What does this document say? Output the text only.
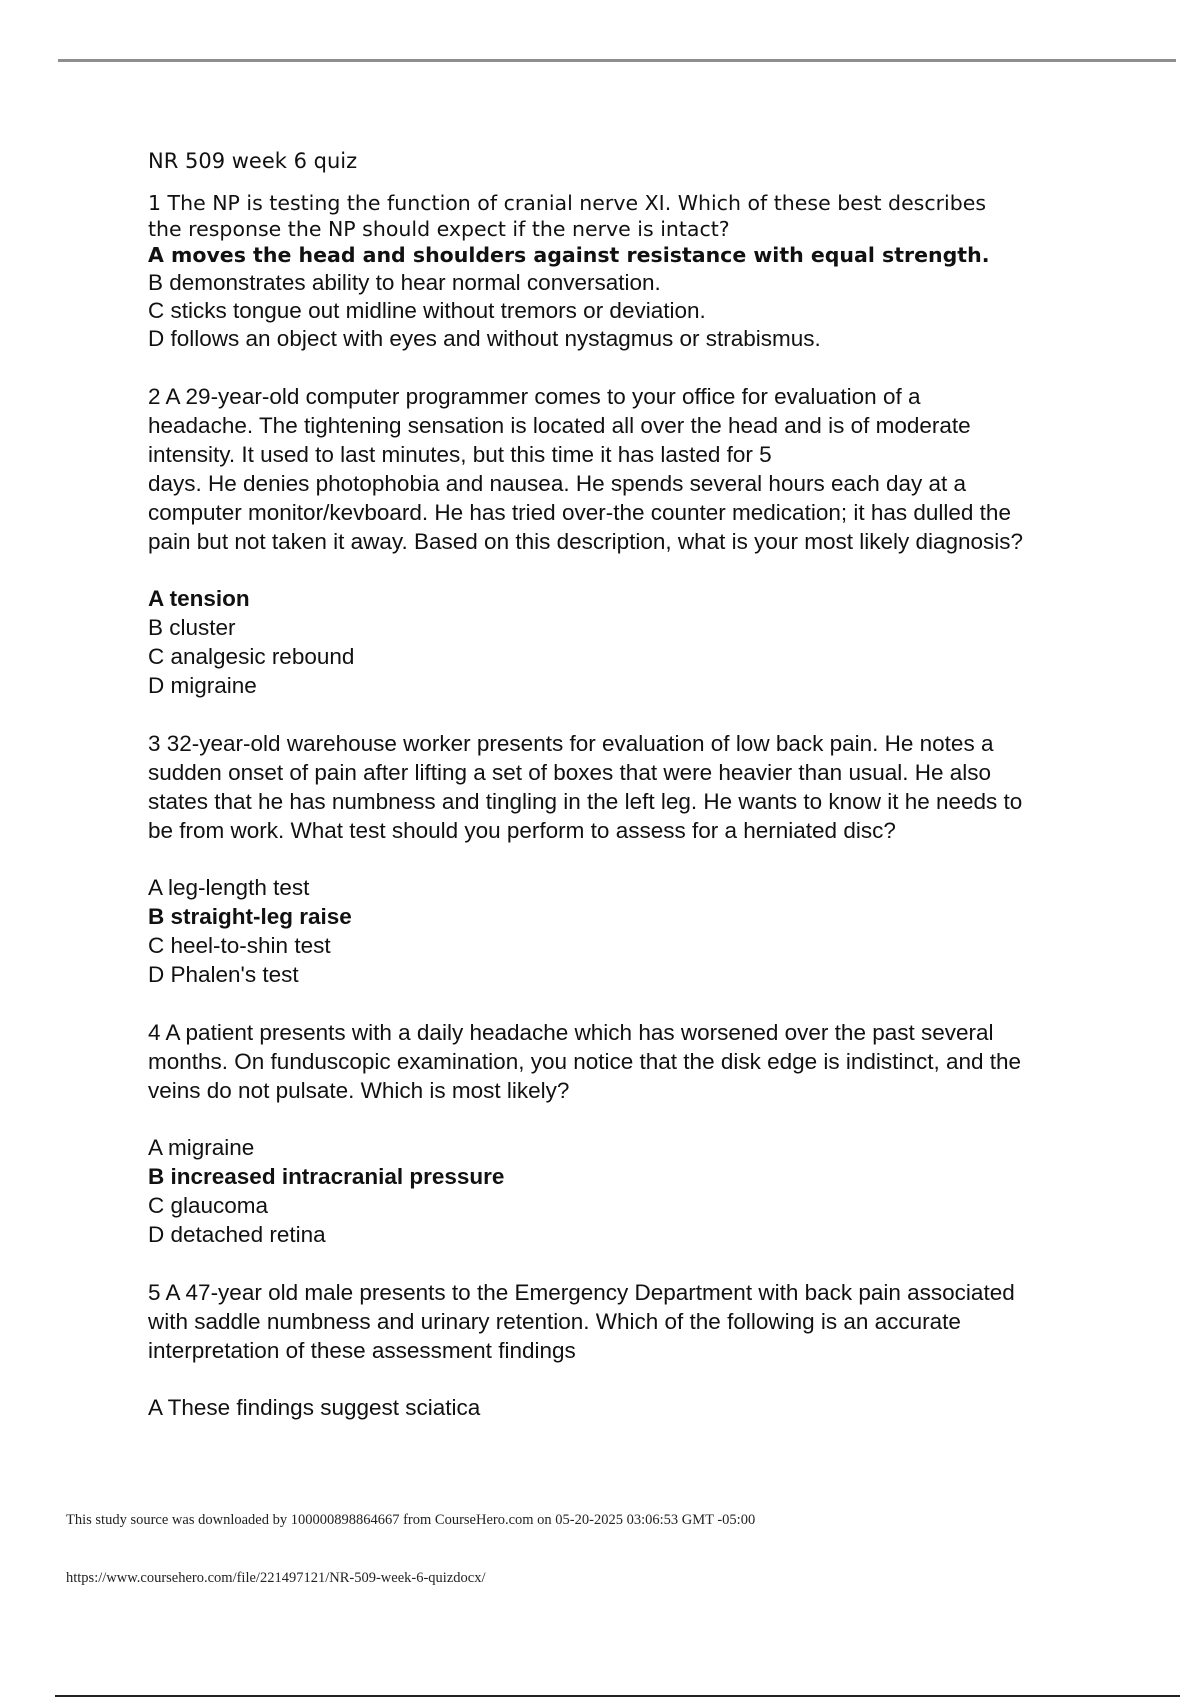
NR 509 week 6 quiz

1 The NP is testing the function of cranial nerve XI. Which of these best describes
the response the NP should expect if the nerve is intact?

A moves the head and shoulders against resistance with equal strength.

B demonstrates ability to hear normal conversation.

C sticks tongue out midline without tremors or deviation.

D follows an object with eyes and without nystagmus or strabismus.

2 A 29-year-old computer programmer comes to your office for evaluation of a
headache. The tightening sensation is located all over the head and is of moderate
intensity. It used to last minutes, but this time it has lasted for 5
days. He denies photophobia and nausea. He spends several hours each day at a
computer monitor/kevboard. He has tried over-the counter medication; it has dulled the
pain but not taken it away. Based on this description, what is your most likely diagnosis?

A tension

B cluster

C analgesic rebound

D migraine

3 32-year-old warehouse worker presents for evaluation of low back pain. He notes a
sudden onset of pain after lifting a set of boxes that were heavier than usual. He also
states that he has numbness and tingling in the left leg. He wants to know it he needs to
be from work. What test should you perform to assess for a herniated disc?

A leg-length test

B straight-leg raise

C heel-to-shin test

D Phalen's test

4 A patient presents with a daily headache which has worsened over the past several
months. On funduscopic examination, you notice that the disk edge is indistinct, and the
veins do not pulsate. Which is most likely?

A migraine

B increased intracranial pressure

C glaucoma

D detached retina

5 A 47-year old male presents to the Emergency Department with back pain associated
with saddle numbness and urinary retention. Which of the following is an accurate
interpretation of these assessment findings

A These findings suggest sciatica

This study source was downloaded by 100000898864667 from CourseHero.com on 05-20-2025 03:06:53 GMT -05:00
https://www.coursehero.com/file/221497121/NR-509-week-6-quizdocx/
